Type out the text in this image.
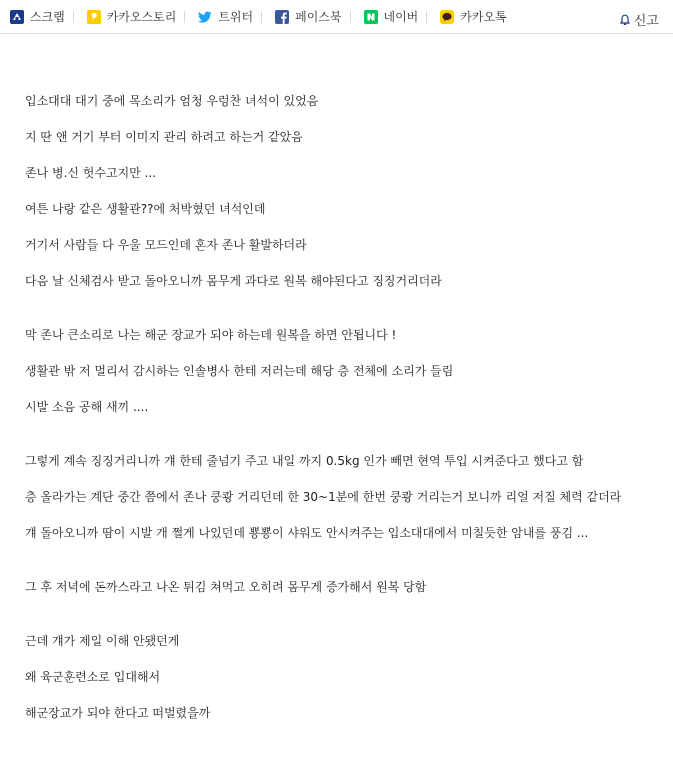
스크랩	카카오스토리	트위터	페이스북	네이버	카카오톡	신고
입소대대 대기 중에 목소리가 엄청 우렁찬 녀석이 있었음
지 딴 앤 거기 부터 이미지 관리 하려고 하는거 같았음
존나 병.신 헛수고지만 ...
여튼 나랑 같은 생활관??에 처박혔던 녀석인데
거기서 사람들 다 우울 모드인데 혼자 존나 활발하더라
다음 날 신체검사 받고 돌아오니까 몸무게 과다로 원복 해야된다고 징징거리더라
막 존나 큰소리로 나는 해군 장교가 되야 하는데 원복을 하면 안됩니다 !
생활관 밖 저 멀리서 감시하는 인솔병사 한테 저러는데 해당 층 전체에 소리가 들림
시발 소음 공해 새끼 ....
그렇게 계속 징징거리니까 걔 한테 줄넘기 주고 내일 까지 0.5kg 인가 빼면 현역 투입 시켜준다고 했다고 함
층 올라가는 계단 중간 쯤에서 존나 쿵쾅 거리던데 한 30~1분에 한번 쿵쾅 거리는거 보니까 리얼 저질 체력 같더라
걔 돌아오니까 땀이 시발 개 쩔게 나있던데 뿅뿅이 샤워도 안시켜주는 입소대대에서 미칠듯한 암내를 풍김 ...
그 후 저녁에 돈까스라고 나온 튀김 쳐먹고 오히려 몸무게 증가해서 원복 당함
근데 걔가 제일 이해 안됐던게
왜 육군훈련소로 입대해서
해군장교가 되야 한다고 떠벌렸을까
